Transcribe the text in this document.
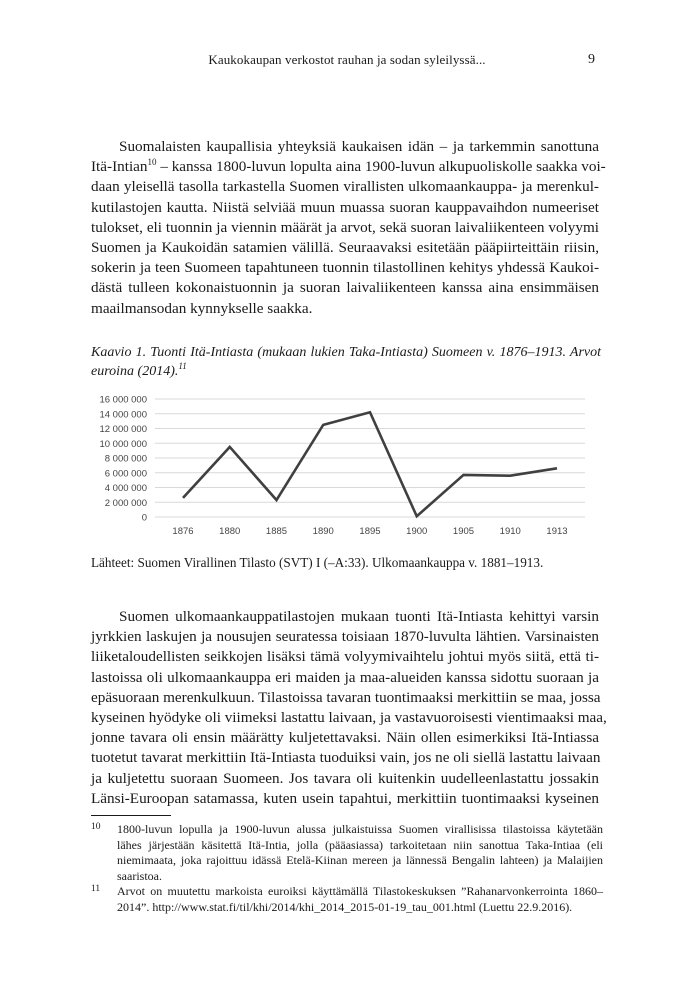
Kaukokaupan verkostot rauhan ja sodan syleilyssä...	9
Suomalaisten kaupallisia yhteyksiä kaukaisen idän – ja tarkemmin sanottuna
Itä-Intian$^{10}$ – kanssa 1800-luvun lopulta aina 1900-luvun alkupuoliskolle saakka voi-
daan yleisellä tasolla tarkastella Suomen virallisten ulkomaankauppa- ja merenkul-
kutilastojen kautta. Niistä selviää muun muassa suoran kauppavaihdon numeeriset
tulokset, eli tuonnin ja viennin määrät ja arvot, sekä suoran laivaliikenteen volyymi
Suomen ja Kaukoidän satamien välillä. Seuraavaksi esitetään pääpiirteittäin riisin,
sokerin ja teen Suomeen tapahtuneen tuonnin tilastollinen kehitys yhdessä Kaukoi-
dästä tulleen kokonaistuonnin ja suoran laivaliikenteen kanssa aina ensimmäisen
maailmansodan kynnykselle saakka.
Kaavio 1. Tuonti Itä-Intiasta (mukaan lukien Taka-Intiasta) Suomeen v. 1876–1913. Arvot
euroina (2014).$^{11}$
0
2 000 000
4 000 000
6 000 000
8 000 000
10 000 000
12 000 000
14 000 000
16 000 000
1876	1880	1885	1890	1895	1900	1905	1910	1913
Lähteet: Suomen Virallinen Tilasto (SVT) I (–A:33). Ulkomaankauppa v. 1881–1913.
Suomen ulkomaankauppatilastojen mukaan tuonti Itä-Intiasta kehittyi varsin
jyrkkien laskujen ja nousujen seuratessa toisiaan 1870-luvulta lähtien. Varsinaisten
liiketaloudellisten seikkojen lisäksi tämä volyymivaihtelu johtui myös siitä, että ti-
lastoissa oli ulkomaankauppa eri maiden ja maa-alueiden kanssa sidottu suoraan ja
epäsuoraan merenkulkuun. Tilastoissa tavaran tuontimaaksi merkittiin se maa, jossa
kyseinen hyödyke oli viimeksi lastattu laivaan, ja vastavuoroisesti vientimaaksi maa,
jonne tavara oli ensin määrätty kuljetettavaksi. Näin ollen esimerkiksi Itä-Intiassa
tuotetut tavarat merkittiin Itä-Intiasta tuoduiksi vain, jos ne oli siellä lastattu laivaan
ja kuljetettu suoraan Suomeen. Jos tavara oli kuitenkin uudelleenlastattu jossakin
Länsi-Euroopan satamassa, kuten usein tapahtui, merkittiin tuontimaaksi kyseinen
10 1800-luvun lopulla ja 1900-luvun alussa julkaistuissa Suomen virallisissa tilastoissa käytetään
lähes järjestään käsitettä Itä-Intia, jolla (pääasiassa) tarkoitetaan niin sanottua Taka-Intiaa (eli
niemimaata, joka rajoittuu idässä Etelä-Kiinan mereen ja lännessä Bengalin lahteen) ja Malaijien
saaristoa.
11 Arvot on muutettu markoista euroiksi käyttämällä Tilastokeskuksen ”Rahanarvonkerrointa 1860–
2014”. http://www.stat.fi/til/khi/2014/khi_2014_2015-01-19_tau_001.html (Luettu 22.9.2016).
